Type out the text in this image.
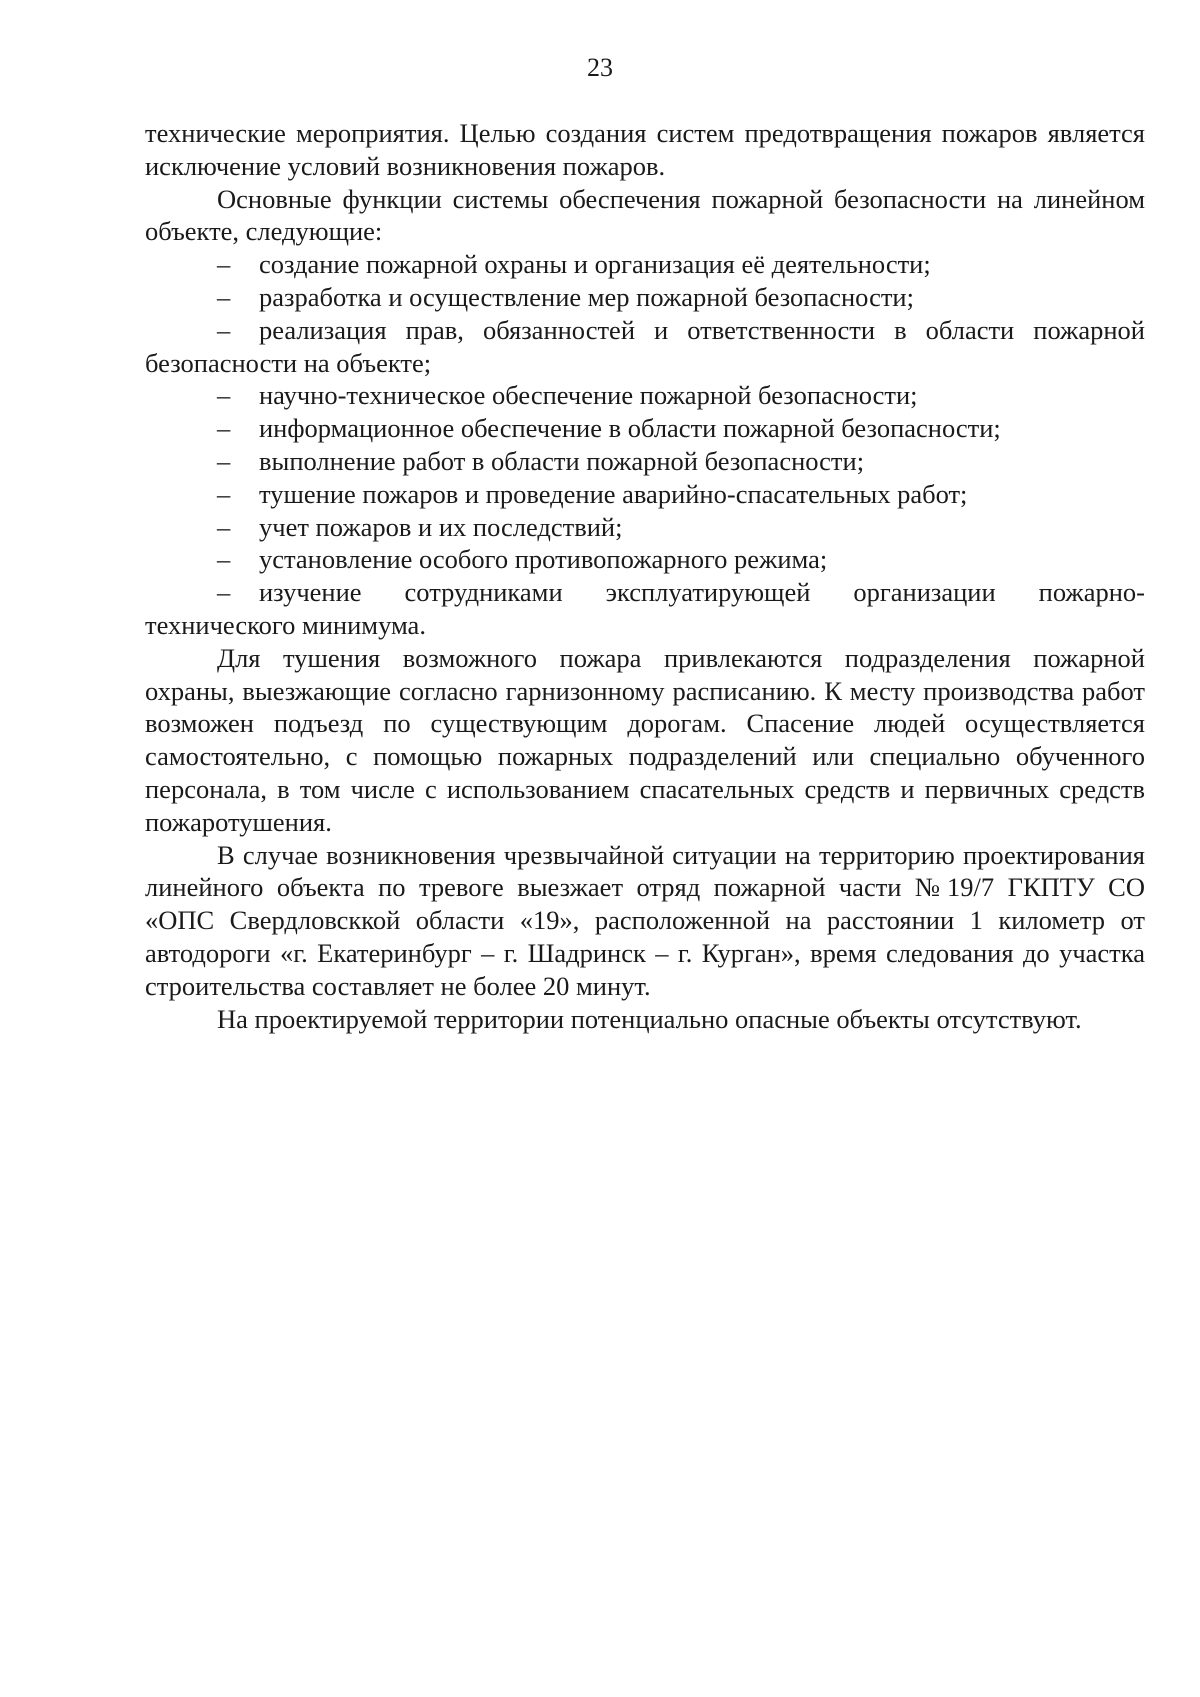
23

технические мероприятия. Целью создания систем предотвращения пожаров является исключение условий возникновения пожаров.

Основные функции системы обеспечения пожарной безопасности на линейном объекте, следующие:

– создание пожарной охраны и организация её деятельности;

– разработка и осуществление мер пожарной безопасности;

– реализация прав, обязанностей и ответственности в области пожарной безопасности на объекте;

– научно-техническое обеспечение пожарной безопасности;

– информационное обеспечение в области пожарной безопасности;

– выполнение работ в области пожарной безопасности;

– тушение пожаров и проведение аварийно-спасательных работ;

– учет пожаров и их последствий;

– установление особого противопожарного режима;

– изучение сотрудниками эксплуатирующей организации пожарно-технического минимума.

Для тушения возможного пожара привлекаются подразделения пожарной охраны, выезжающие согласно гарнизонному расписанию. К месту производства работ возможен подъезд по существующим дорогам. Спасение людей осуществляется самостоятельно, с помощью пожарных подразделений или специально обученного персонала, в том числе с использованием спасательных средств и первичных средств пожаротушения.

В случае возникновения чрезвычайной ситуации на территорию проектирования линейного объекта по тревоге выезжает отряд пожарной части №19/7 ГКПТУ СО «ОПС Свердловсккой области «19», расположенной на расстоянии 1 километр от автодороги «г. Екатеринбург – г. Шадринск – г. Курган», время следования до участка строительства составляет не более 20 минут.

На проектируемой территории потенциально опасные объекты отсутствуют.
